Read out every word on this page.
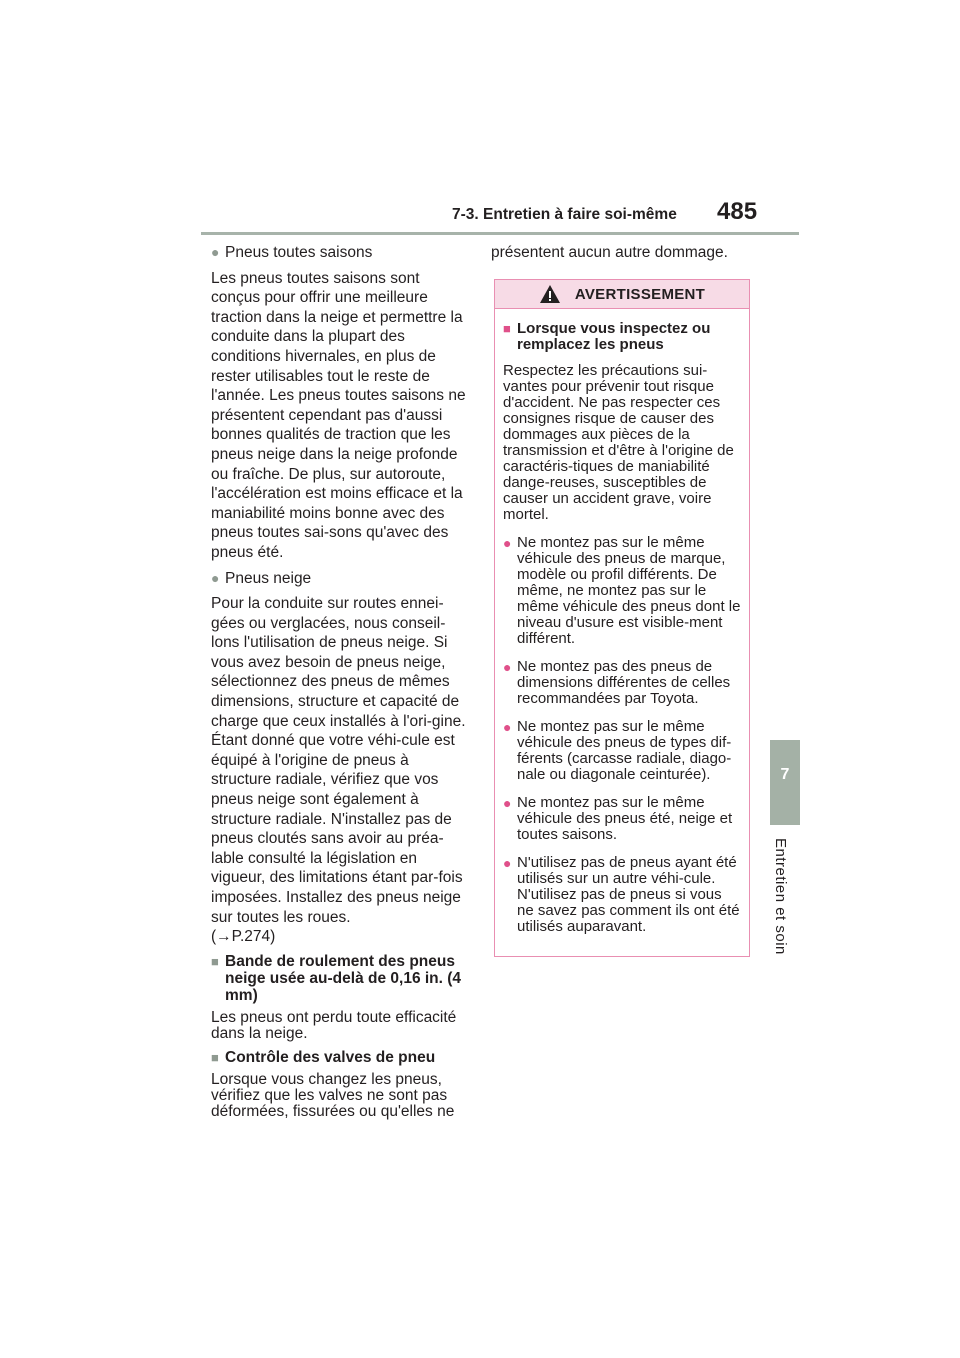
7-3. Entretien à faire soi-même 485
7
Entretien et soin
● Pneus toutes saisons

Les pneus toutes saisons sont conçus pour offrir une meilleure traction dans la neige et permettre la conduite dans la plupart des conditions hivernales, en plus de rester utilisables tout le reste de l'année. Les pneus toutes saisons ne présentent cependant pas d'aussi bonnes qualités de traction que les pneus neige dans la neige profonde ou fraîche. De plus, sur autoroute, l'accélération est moins efficace et la maniabilité moins bonne avec des pneus toutes sai-sons qu'avec des pneus été.

● Pneus neige

Pour la conduite sur routes ennei-gées ou verglacées, nous conseil-lons l'utilisation de pneus neige. Si vous avez besoin de pneus neige, sélectionnez des pneus de mêmes dimensions, structure et capacité de charge que ceux installés à l'ori-gine. Étant donné que votre véhi-cule est équipé à l'origine de pneus à structure radiale, vérifiez que vos pneus neige sont également à structure radiale. N'installez pas de pneus cloutés sans avoir au préa-lable consulté la législation en vigueur, des limitations étant par-fois imposées. Installez des pneus neige sur toutes les roues.

(→P.274)

■ Bande de roulement des pneus neige usée au-delà de 0,16 in. (4 mm)

Les pneus ont perdu toute efficacité dans la neige.

■ Contrôle des valves de pneu

Lorsque vous changez les pneus, vérifiez que les valves ne sont pas déformées, fissurées ou qu'elles ne

présentent aucun autre dommage.

AVERTISSEMENT
■ Lorsque vous inspectez ou remplacez les pneus

Respectez les précautions sui-vantes pour prévenir tout risque d'accident. Ne pas respecter ces consignes risque de causer des dommages aux pièces de la transmission et d'être à l'origine de caractéris-tiques de maniabilité dange-reuses, susceptibles de causer un accident grave, voire mortel.

● Ne montez pas sur le même véhicule des pneus de marque, modèle ou profil différents. De même, ne montez pas sur le même véhicule des pneus dont le niveau d'usure est visible-ment différent.
● Ne montez pas des pneus de dimensions différentes de celles recommandées par Toyota.
● Ne montez pas sur le même véhicule des pneus de types dif-férents (carcasse radiale, diago-nale ou diagonale ceinturée).
● Ne montez pas sur le même véhicule des pneus été, neige et toutes saisons.
● N'utilisez pas de pneus ayant été utilisés sur un autre véhi-cule. N'utilisez pas de pneus si vous ne savez pas comment ils ont été utilisés auparavant.
